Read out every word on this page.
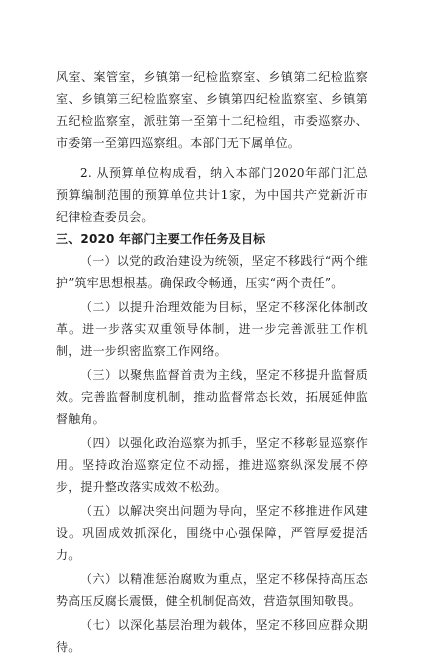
风室、案管室，乡镇第一纪检监察室、乡镇第二纪检监察室、乡镇第三纪检监察室、乡镇第四纪检监察室、乡镇第五纪检监察室，派驻第一至第十二纪检组，市委巡察办、市委第一至第四巡察组。本部门无下属单位。

2. 从预算单位构成看，纳入本部门2020年部门汇总预算编制范围的预算单位共计1家，为中国共产党新沂市纪律检查委员会。

三、2020 年部门主要工作任务及目标

（一）以党的政治建设为统领，坚定不移践行“两个维护”筑牢思想根基。确保政令畅通，压实“两个责任”。

（二）以提升治理效能为目标，坚定不移深化体制改革。进一步落实双重领导体制，进一步完善派驻工作机制，进一步织密监察工作网络。

（三）以聚焦监督首责为主线，坚定不移提升监督质效。完善监督制度机制，推动监督常态长效，拓展延伸监督触角。

（四）以强化政治巡察为抓手，坚定不移彰显巡察作用。坚持政治巡察定位不动摇，推进巡察纵深发展不停步，提升整改落实成效不松劲。

（五）以解决突出问题为导向，坚定不移推进作风建设。巩固成效抓深化，围绕中心强保障，严管厚爱提活力。

（六）以精准惩治腐败为重点，坚定不移保持高压态势高压反腐长震慑，健全机制促高效，营造氛围知敬畏。

（七）以深化基层治理为载体，坚定不移回应群众期待。
